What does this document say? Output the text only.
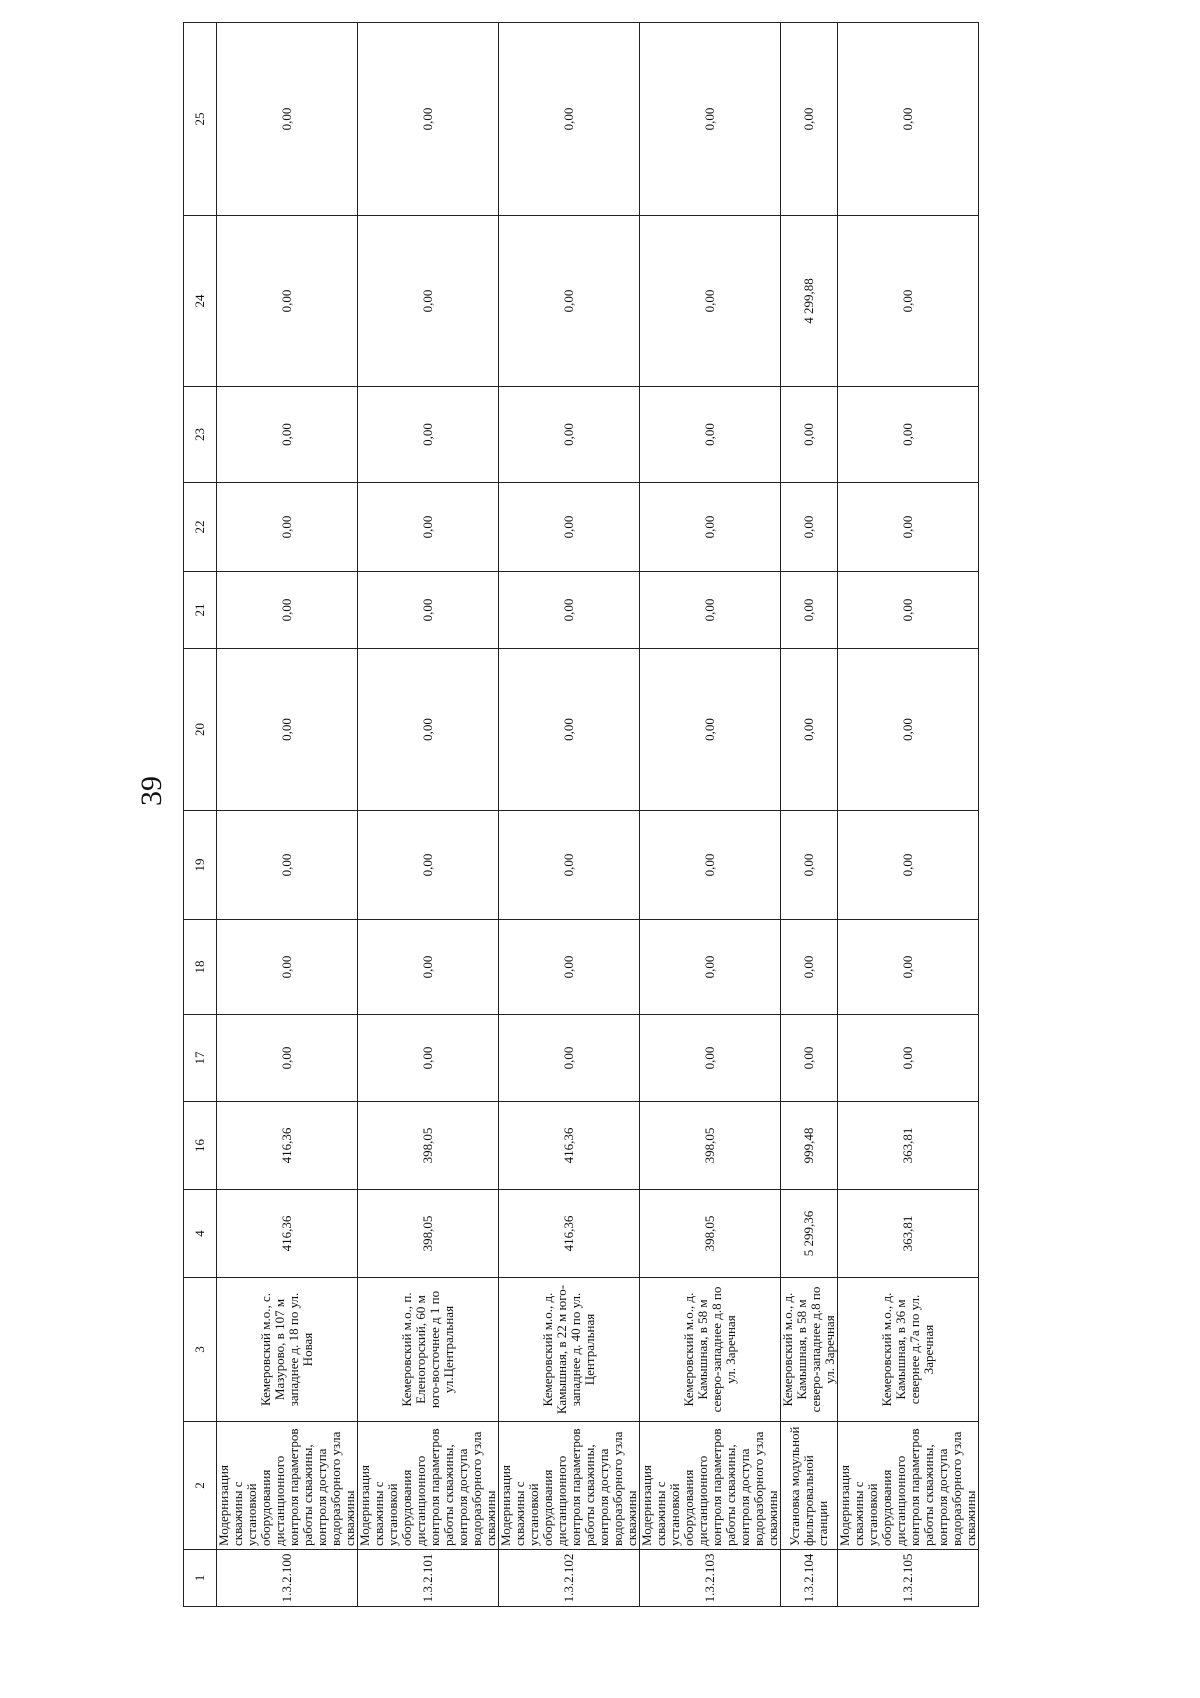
39
1	2	3	4	16	17	18	19	20	21	22	23	24	25
1.3.2.100	Модернизация скважины с установкой оборудования дистанционного контроля параметров работы скважины, контроля доступа водоразборного узла скважины	Кемеровский м.о., с. Мазурово, в 107 м западнее д. 18 по ул. Новая	416,36	416,36	0,00	0,00	0,00	0,00	0,00	0,00	0,00	0,00	0,00
1.3.2.101	Модернизация скважины с установкой оборудования дистанционного контроля параметров работы скважины, контроля доступа водоразборного узла скважины	Кемеровский м.о., п. Еленогорский, 60 м юго-восточнее д 1 по ул.Центральная	398,05	398,05	0,00	0,00	0,00	0,00	0,00	0,00	0,00	0,00	0,00
1.3.2.102	Модернизация скважины с установкой оборудования дистанционного контроля параметров работы скважины, контроля доступа водоразборного узла скважины	Кемеровский м.о., д. Камышная, в 22 м юго-западнее д. 40 по ул. Центральная	416,36	416,36	0,00	0,00	0,00	0,00	0,00	0,00	0,00	0,00	0,00
1.3.2.103	Модернизация скважины с установкой оборудования дистанционного контроля параметров работы скважины, контроля доступа водоразборного узла скважины	Кемеровский м.о., д. Камышная, в 58 м северо-западнее д.8 по ул. Заречная	398,05	398,05	0,00	0,00	0,00	0,00	0,00	0,00	0,00	0,00	0,00
1.3.2.104	Установка модульной фильтровальной станции	Кемеровский м.о., д. Камышная, в 58 м северо-западнее д.8 по ул. Заречная	5 299,36	999,48	0,00	0,00	0,00	0,00	0,00	0,00	0,00	4 299,88	0,00
1.3.2.105	Модернизация скважины с установкой оборудования дистанционного контроля параметров работы скважины, контроля доступа водоразборного узла скважины	Кемеровский м.о., д. Камышная, в 36 м севернее д.7а по ул. Заречная	363,81	363,81	0,00	0,00	0,00	0,00	0,00	0,00	0,00	0,00	0,00
